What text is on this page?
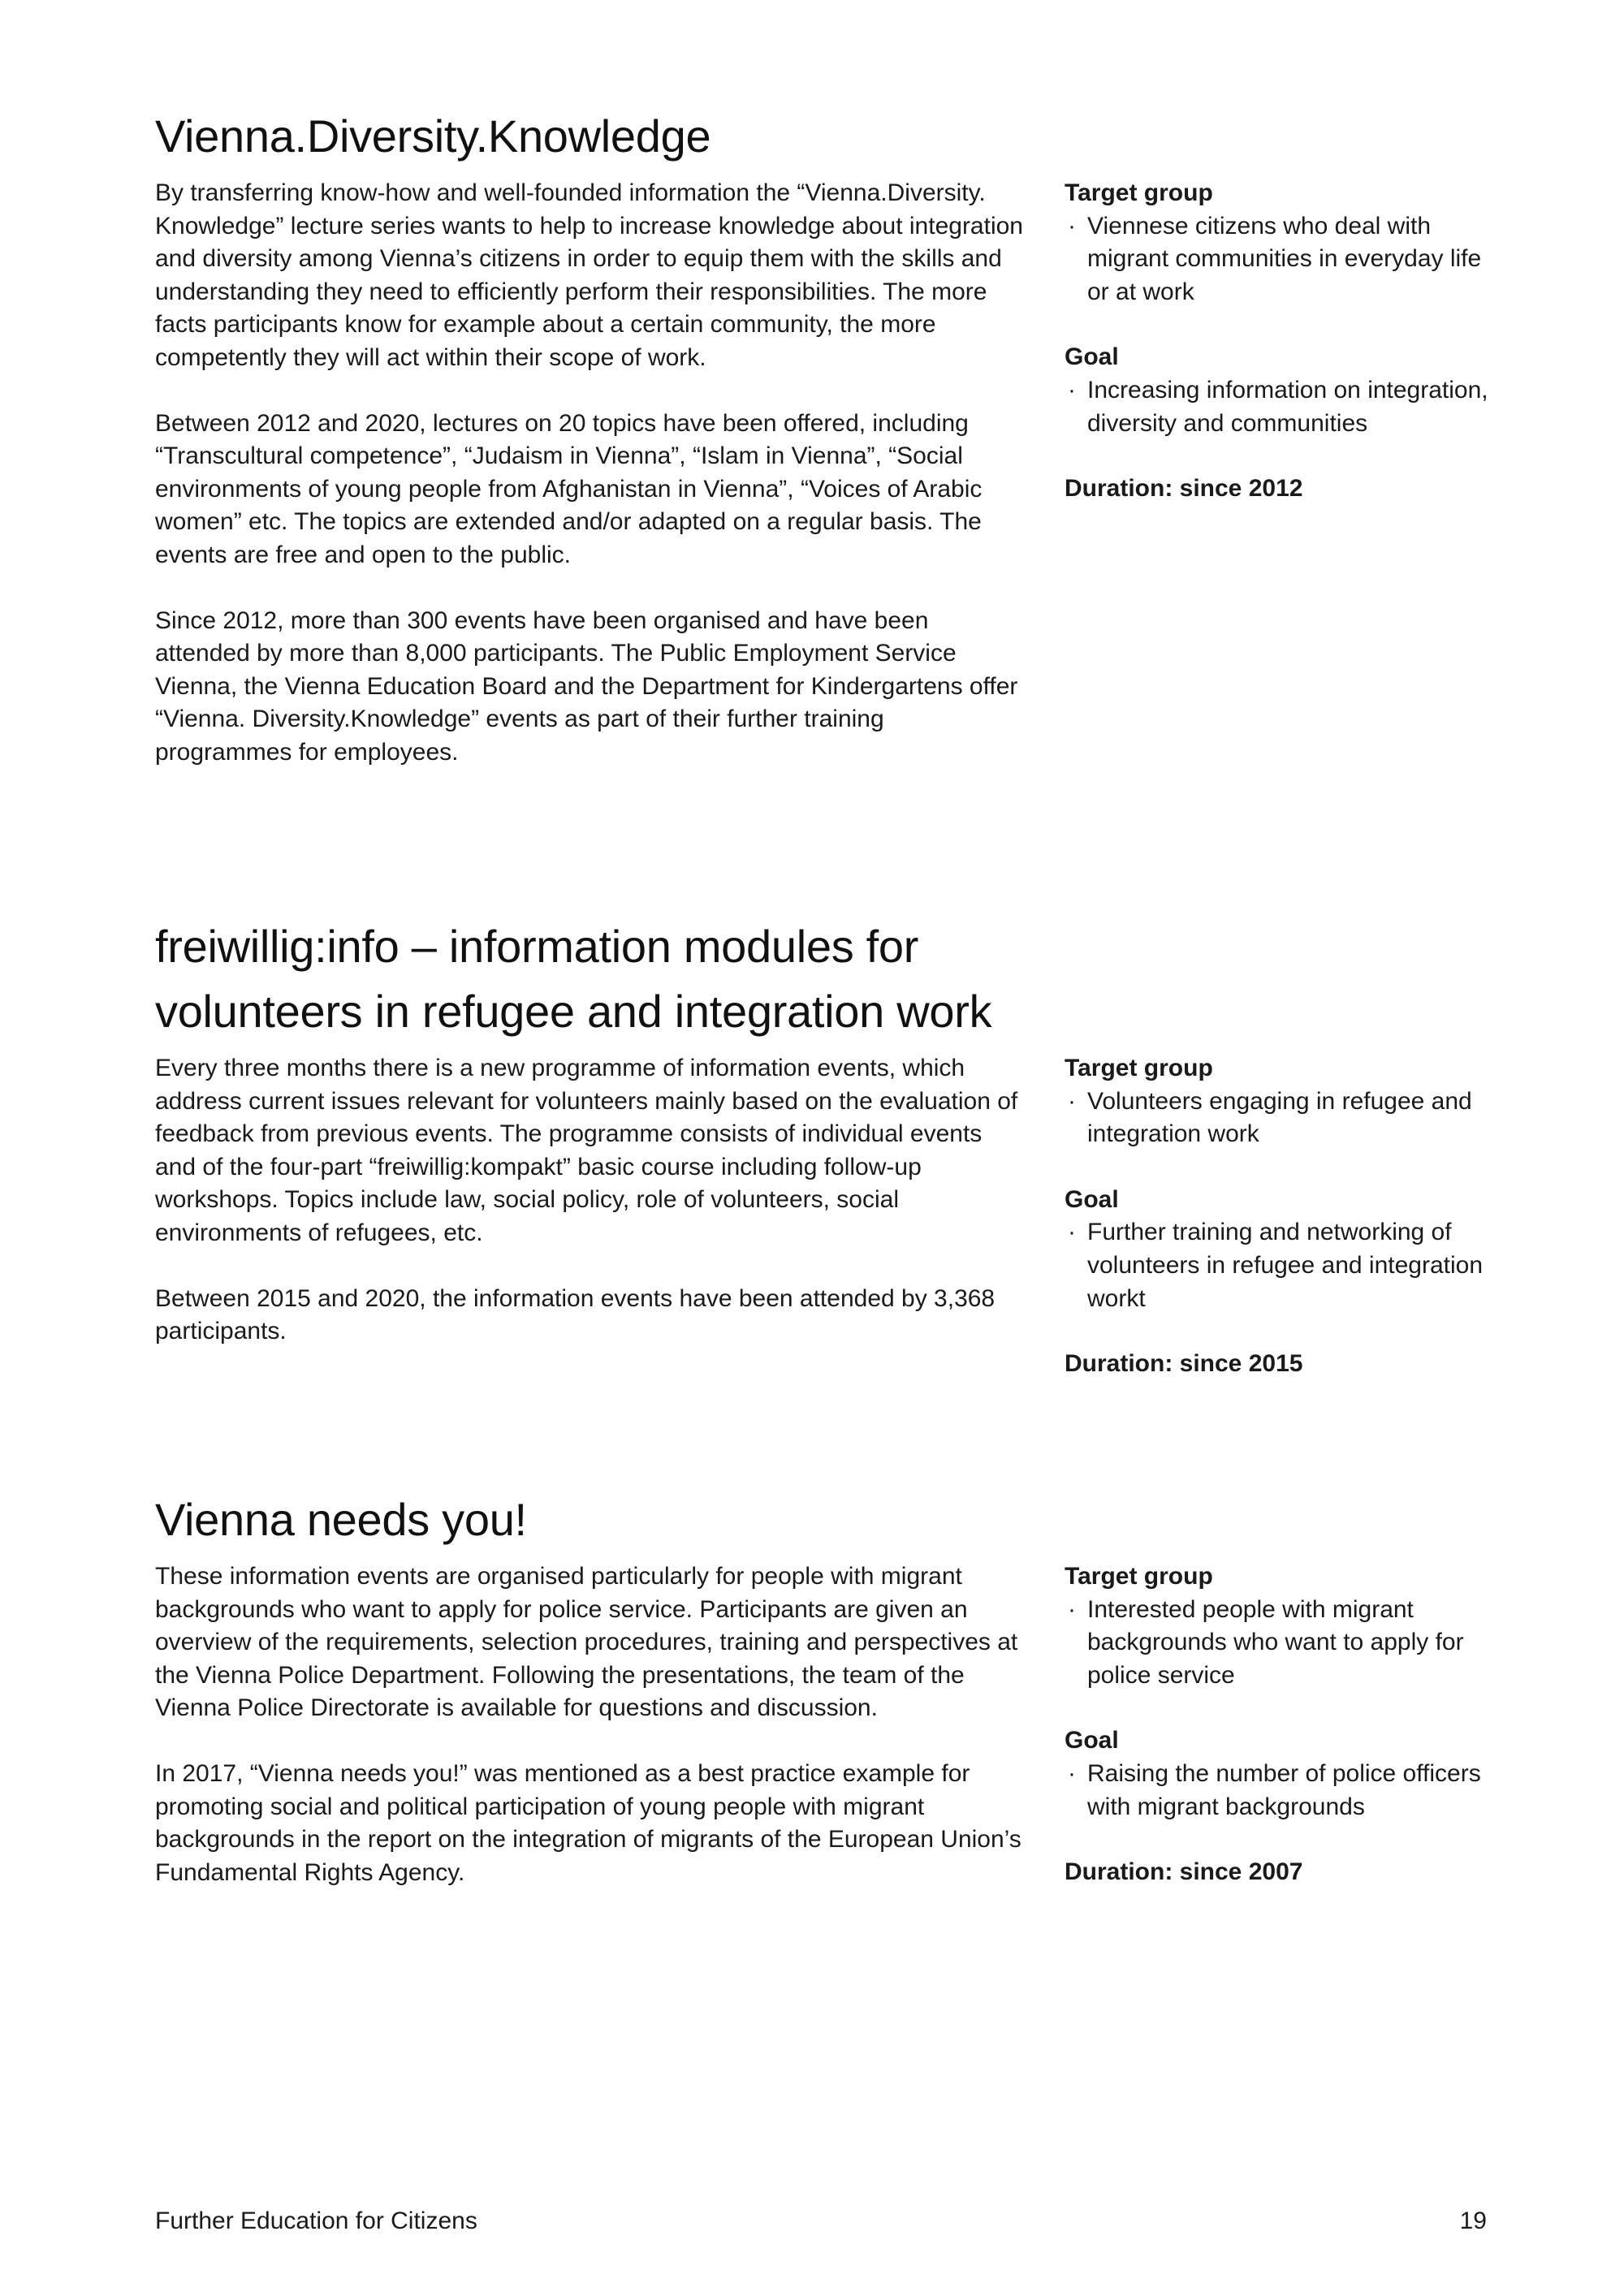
Vienna.Diversity.Knowledge

By transferring know-how and well-founded information the “Vienna.Diversity. Knowledge” lecture series wants to help to increase knowledge about integration and diversity among Vienna’s citizens in order to equip them with the skills and understanding they need to efficiently perform their responsibilities. The more facts participants know for example about a certain community, the more competently they will act within their scope of work.

Between 2012 and 2020, lectures on 20 topics have been offered, including “Transcultural competence”, “Judaism in Vienna”, “Islam in Vienna”, “Social environments of young people from Afghanistan in Vienna”, “Voices of Arabic women” etc. The topics are extended and/or adapted on a regular basis. The events are free and open to the public.

Since 2012, more than 300 events have been organised and have been attended by more than 8,000 participants. The Public Employment Service Vienna, the Vienna Education Board and the Department for Kindergartens offer “Vienna. Diversity.Knowledge” events as part of their further training programmes for employees.

Target group

· Viennese citizens who deal with migrant communities in everyday life or at work

Goal

· Increasing information on integration, diversity and communities

Duration: since 2012

freiwillig:info – information modules for volunteers in refugee and integration work

Every three months there is a new programme of information events, which address current issues relevant for volunteers mainly based on the evaluation of feedback from previous events. The programme consists of individual events and of the four-part “freiwillig:kompakt” basic course including follow-up workshops. Topics include law, social policy, role of volunteers, social environments of refugees, etc.

Between 2015 and 2020, the information events have been attended by 3,368 participants.

Target group

· Volunteers engaging in refugee and integration work

Goal

· Further training and networking of volunteers in refugee and integration workt

Duration: since 2015

Vienna needs you!

These information events are organised particularly for people with migrant backgrounds who want to apply for police service. Participants are given an overview of the requirements, selection procedures, training and perspectives at the Vienna Police Department. Following the presentations, the team of the Vienna Police Directorate is available for questions and discussion.

In 2017, “Vienna needs you!” was mentioned as a best practice example for promoting social and political participation of young people with migrant backgrounds in the report on the integration of migrants of the European Union’s Fundamental Rights Agency.

Target group

· Interested people with migrant backgrounds who want to apply for police service

Goal

· Raising the number of police officers with migrant backgrounds

Duration: since 2007

Further Education for Citizens	19
